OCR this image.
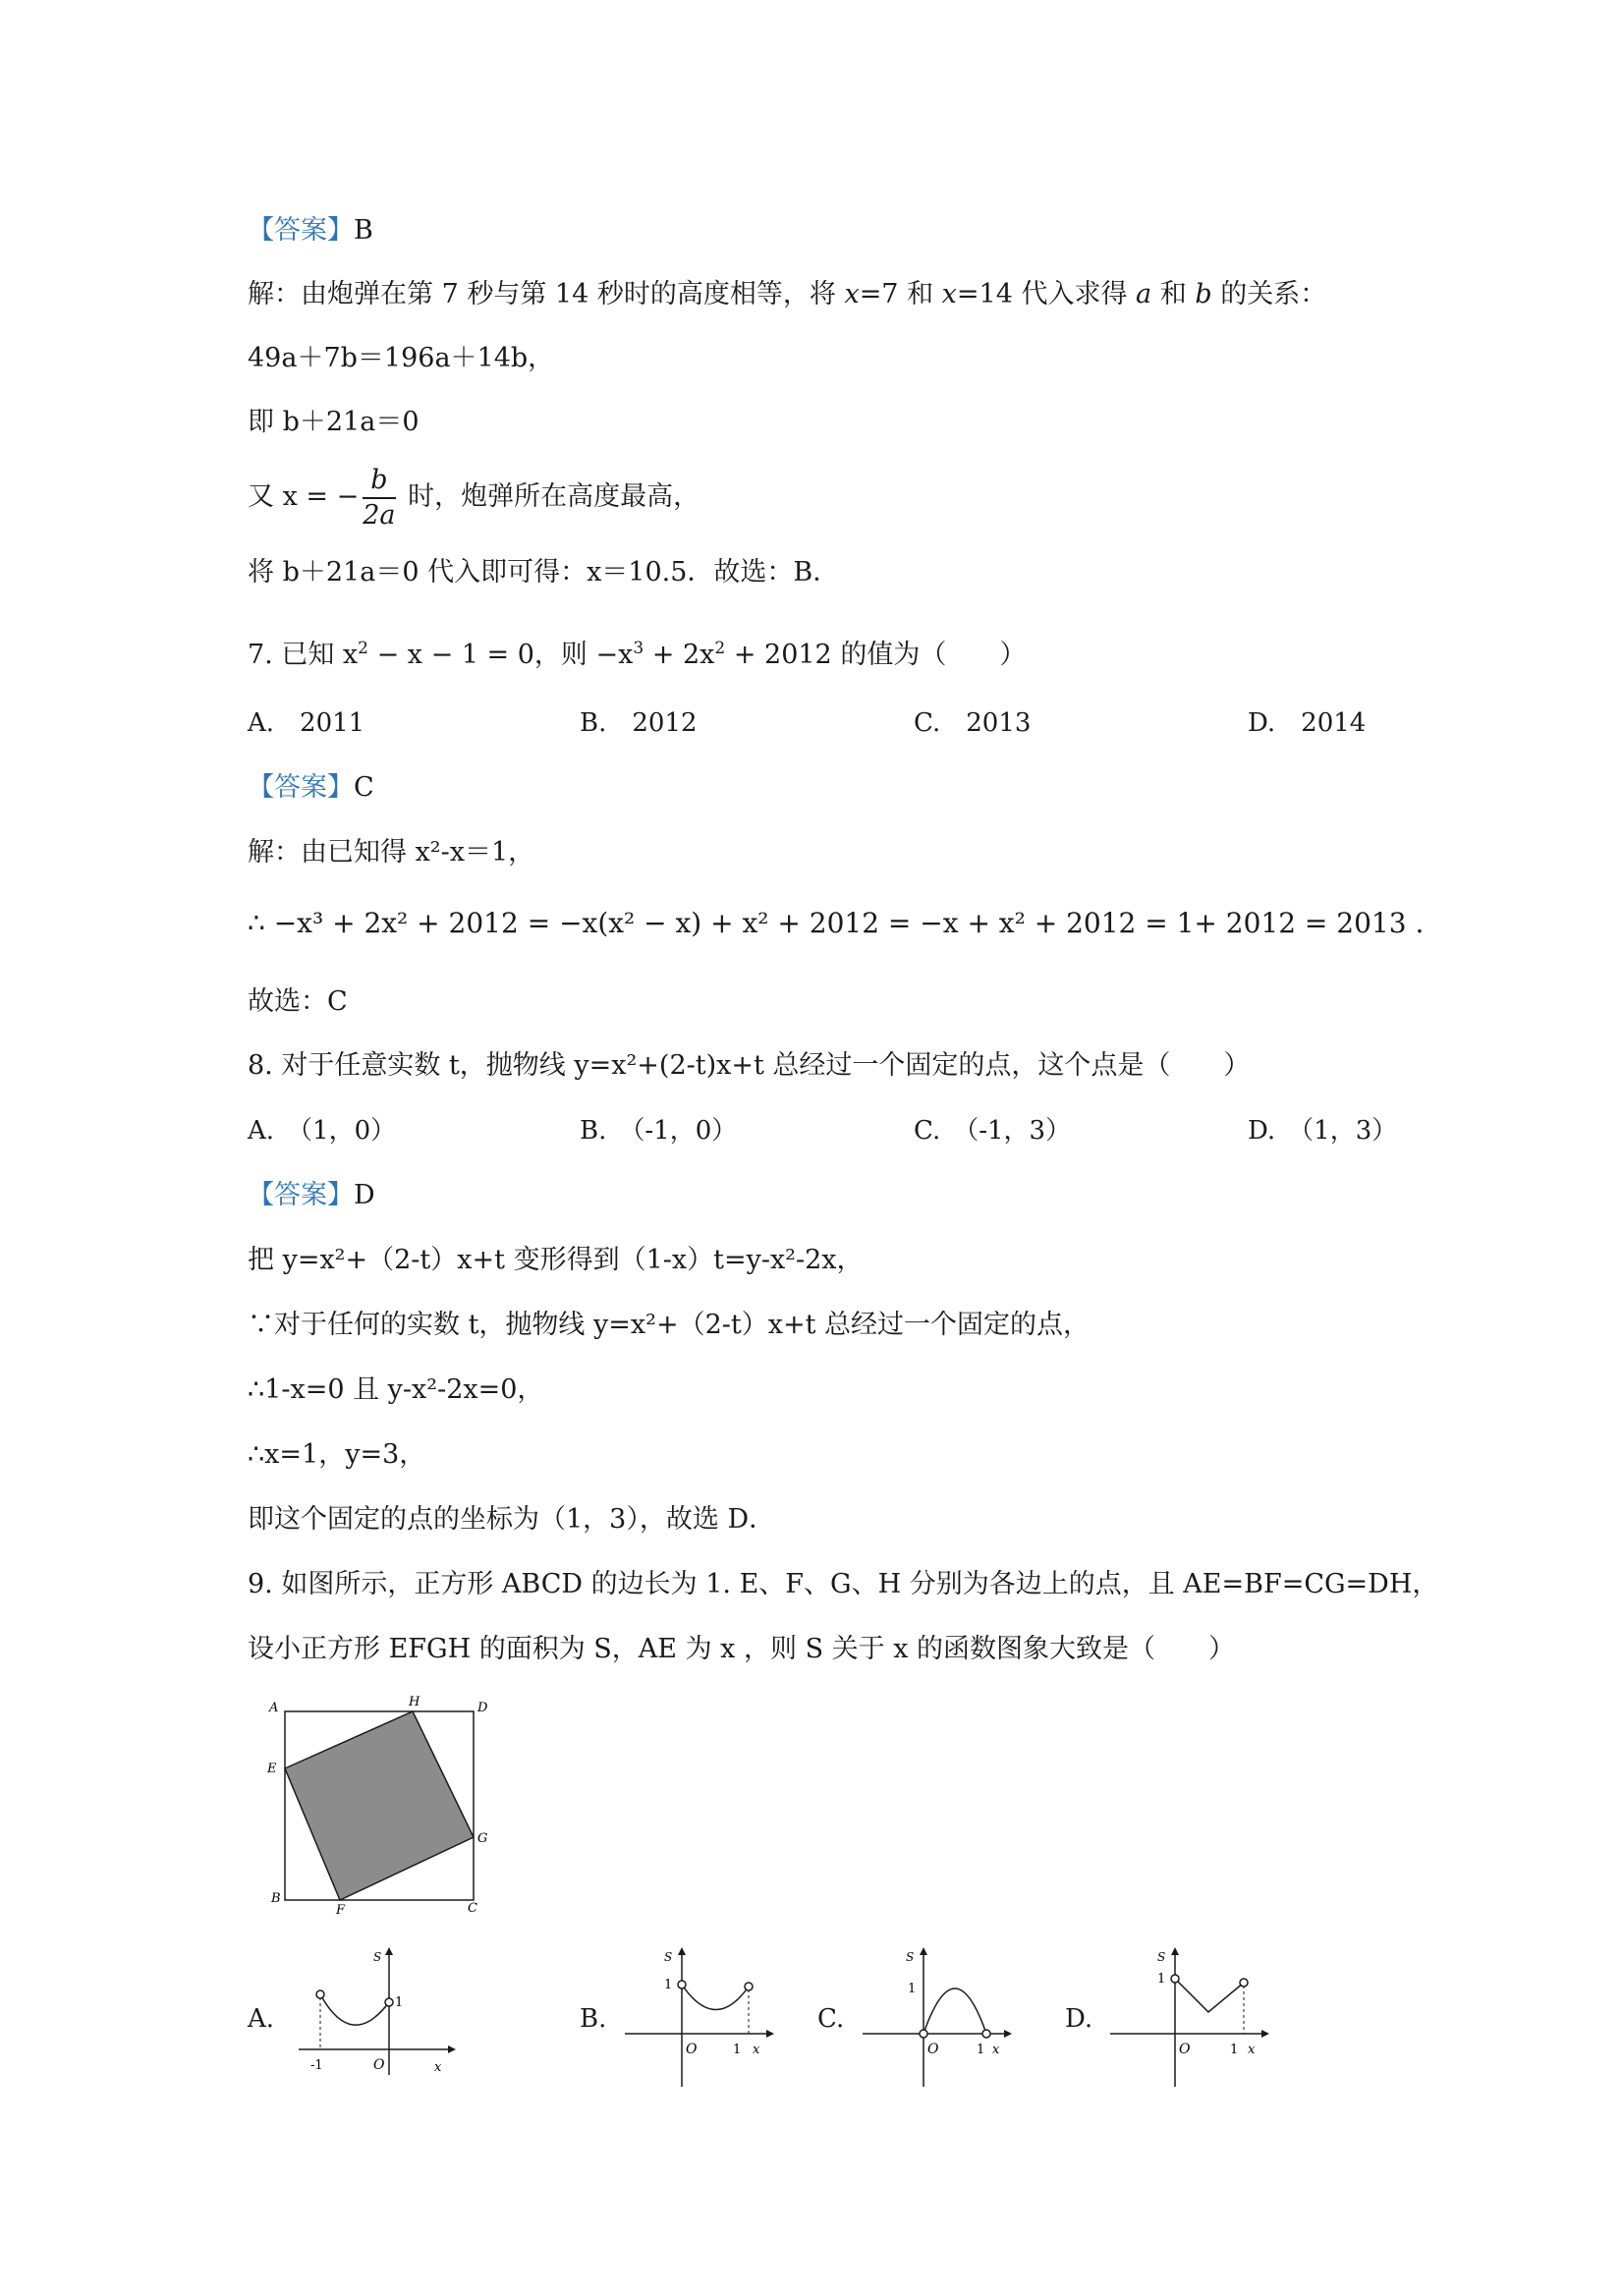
【答案】B
解：由炮弹在第 7 秒与第 14 秒时的高度相等，将 x=7 和 x=14 代入求得 a 和 b 的关系：
49a＋7b＝196a＋14b，
即 b＋21a＝0
又 x = − $\frac{b}{2a}$ 时，炮弹所在高度最高，
将 b＋21a＝0 代入即可得：x＝10.5．故选：B．
7. 已知 $x^2 - x - 1 = 0$，则 $-x^3 + 2x^2 + 2012$ 的值为（　　）
A.　2011	B.　2012	C.　2013	D.　2014
【答案】C
解：由已知得 x²-x＝1，
∴ −x³ + 2x² + 2012 = −x(x² − x) + x² + 2012 = −x + x² + 2012 = 1+ 2012 = 2013 .
故选：C
8. 对于任意实数 t，抛物线 y=x²+(2-t)x+t 总经过一个固定的点，这个点是（　　）
A.　（1，0）	B.　（-1，0）	C.　（-1，3）	D.　（1，3）
【答案】D
把 y=x²+（2-t）x+t 变形得到（1-x）t=y-x²-2x，
∵对于任何的实数 t，抛物线 y=x²+（2-t）x+t 总经过一个固定的点，
∴1-x=0 且 y-x²-2x=0，
∴x=1，y=3，
即这个固定的点的坐标为（1，3），故选 D．
9. 如图所示，正方形 ABCD 的边长为 1. E、F、G、H 分别为各边上的点，且 AE=BF=CG=DH，
设小正方形 EFGH 的面积为 S，AE 为 x ，则 S 关于 x 的函数图象大致是（　　）
A	H	D
E
G
B
F	C
A.
S
1
O
-1	x
B.
S
1
O	1 x
C.
S
1
O	1 x
D.
S
1
O	1 x
